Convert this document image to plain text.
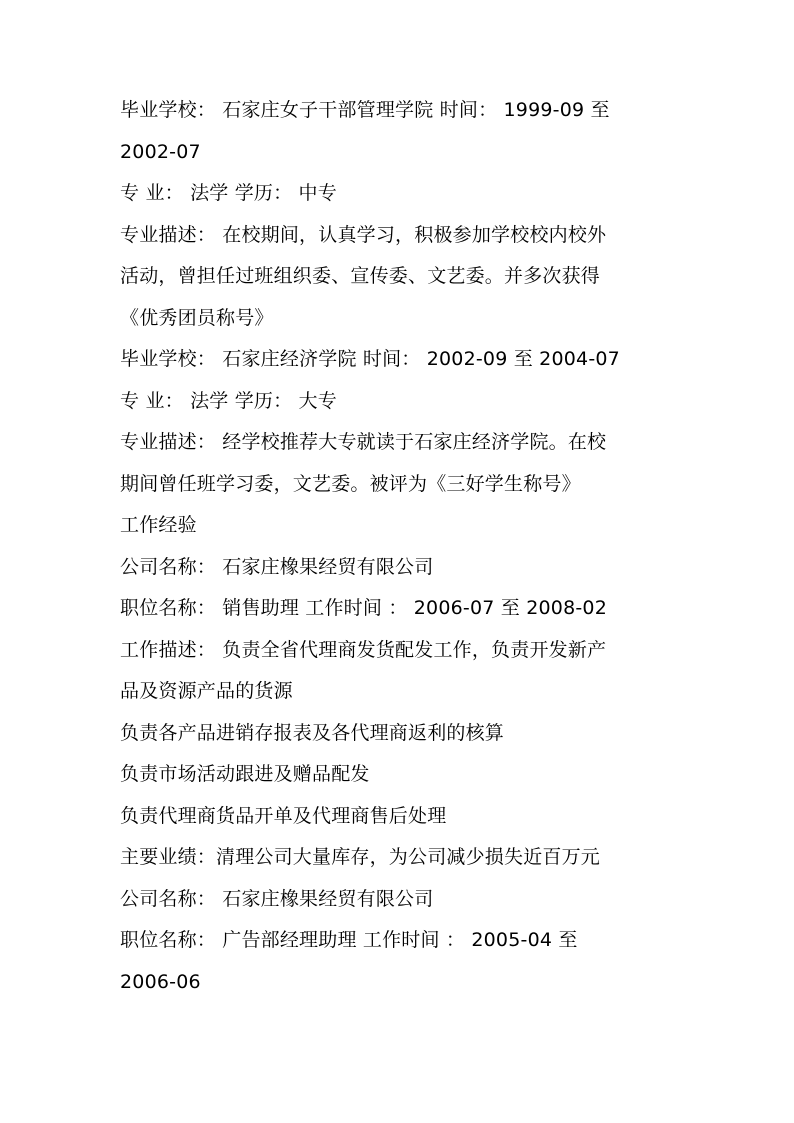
毕业学校： 石家庄女子干部管理学院 时间： 1999-09 至
2002-07
专 业： 法学 学历： 中专
专业描述： 在校期间，认真学习，积极参加学校校内校外
活动，曾担任过班组织委、宣传委、文艺委。并多次获得
《优秀团员称号》
毕业学校： 石家庄经济学院 时间： 2002-09 至 2004-07
专 业： 法学 学历： 大专
专业描述： 经学校推荐大专就读于石家庄经济学院。在校
期间曾任班学习委，文艺委。被评为《三好学生称号》
工作经验
公司名称： 石家庄橡果经贸有限公司
职位名称： 销售助理 工作时间 ： 2006-07 至 2008-02
工作描述： 负责全省代理商发货配发工作，负责开发新产
品及资源产品的货源
负责各产品进销存报表及各代理商返利的核算
负责市场活动跟进及赠品配发
负责代理商货品开单及代理商售后处理
主要业绩：清理公司大量库存，为公司减少损失近百万元
公司名称： 石家庄橡果经贸有限公司
职位名称： 广告部经理助理 工作时间 ： 2005-04 至
2006-06
